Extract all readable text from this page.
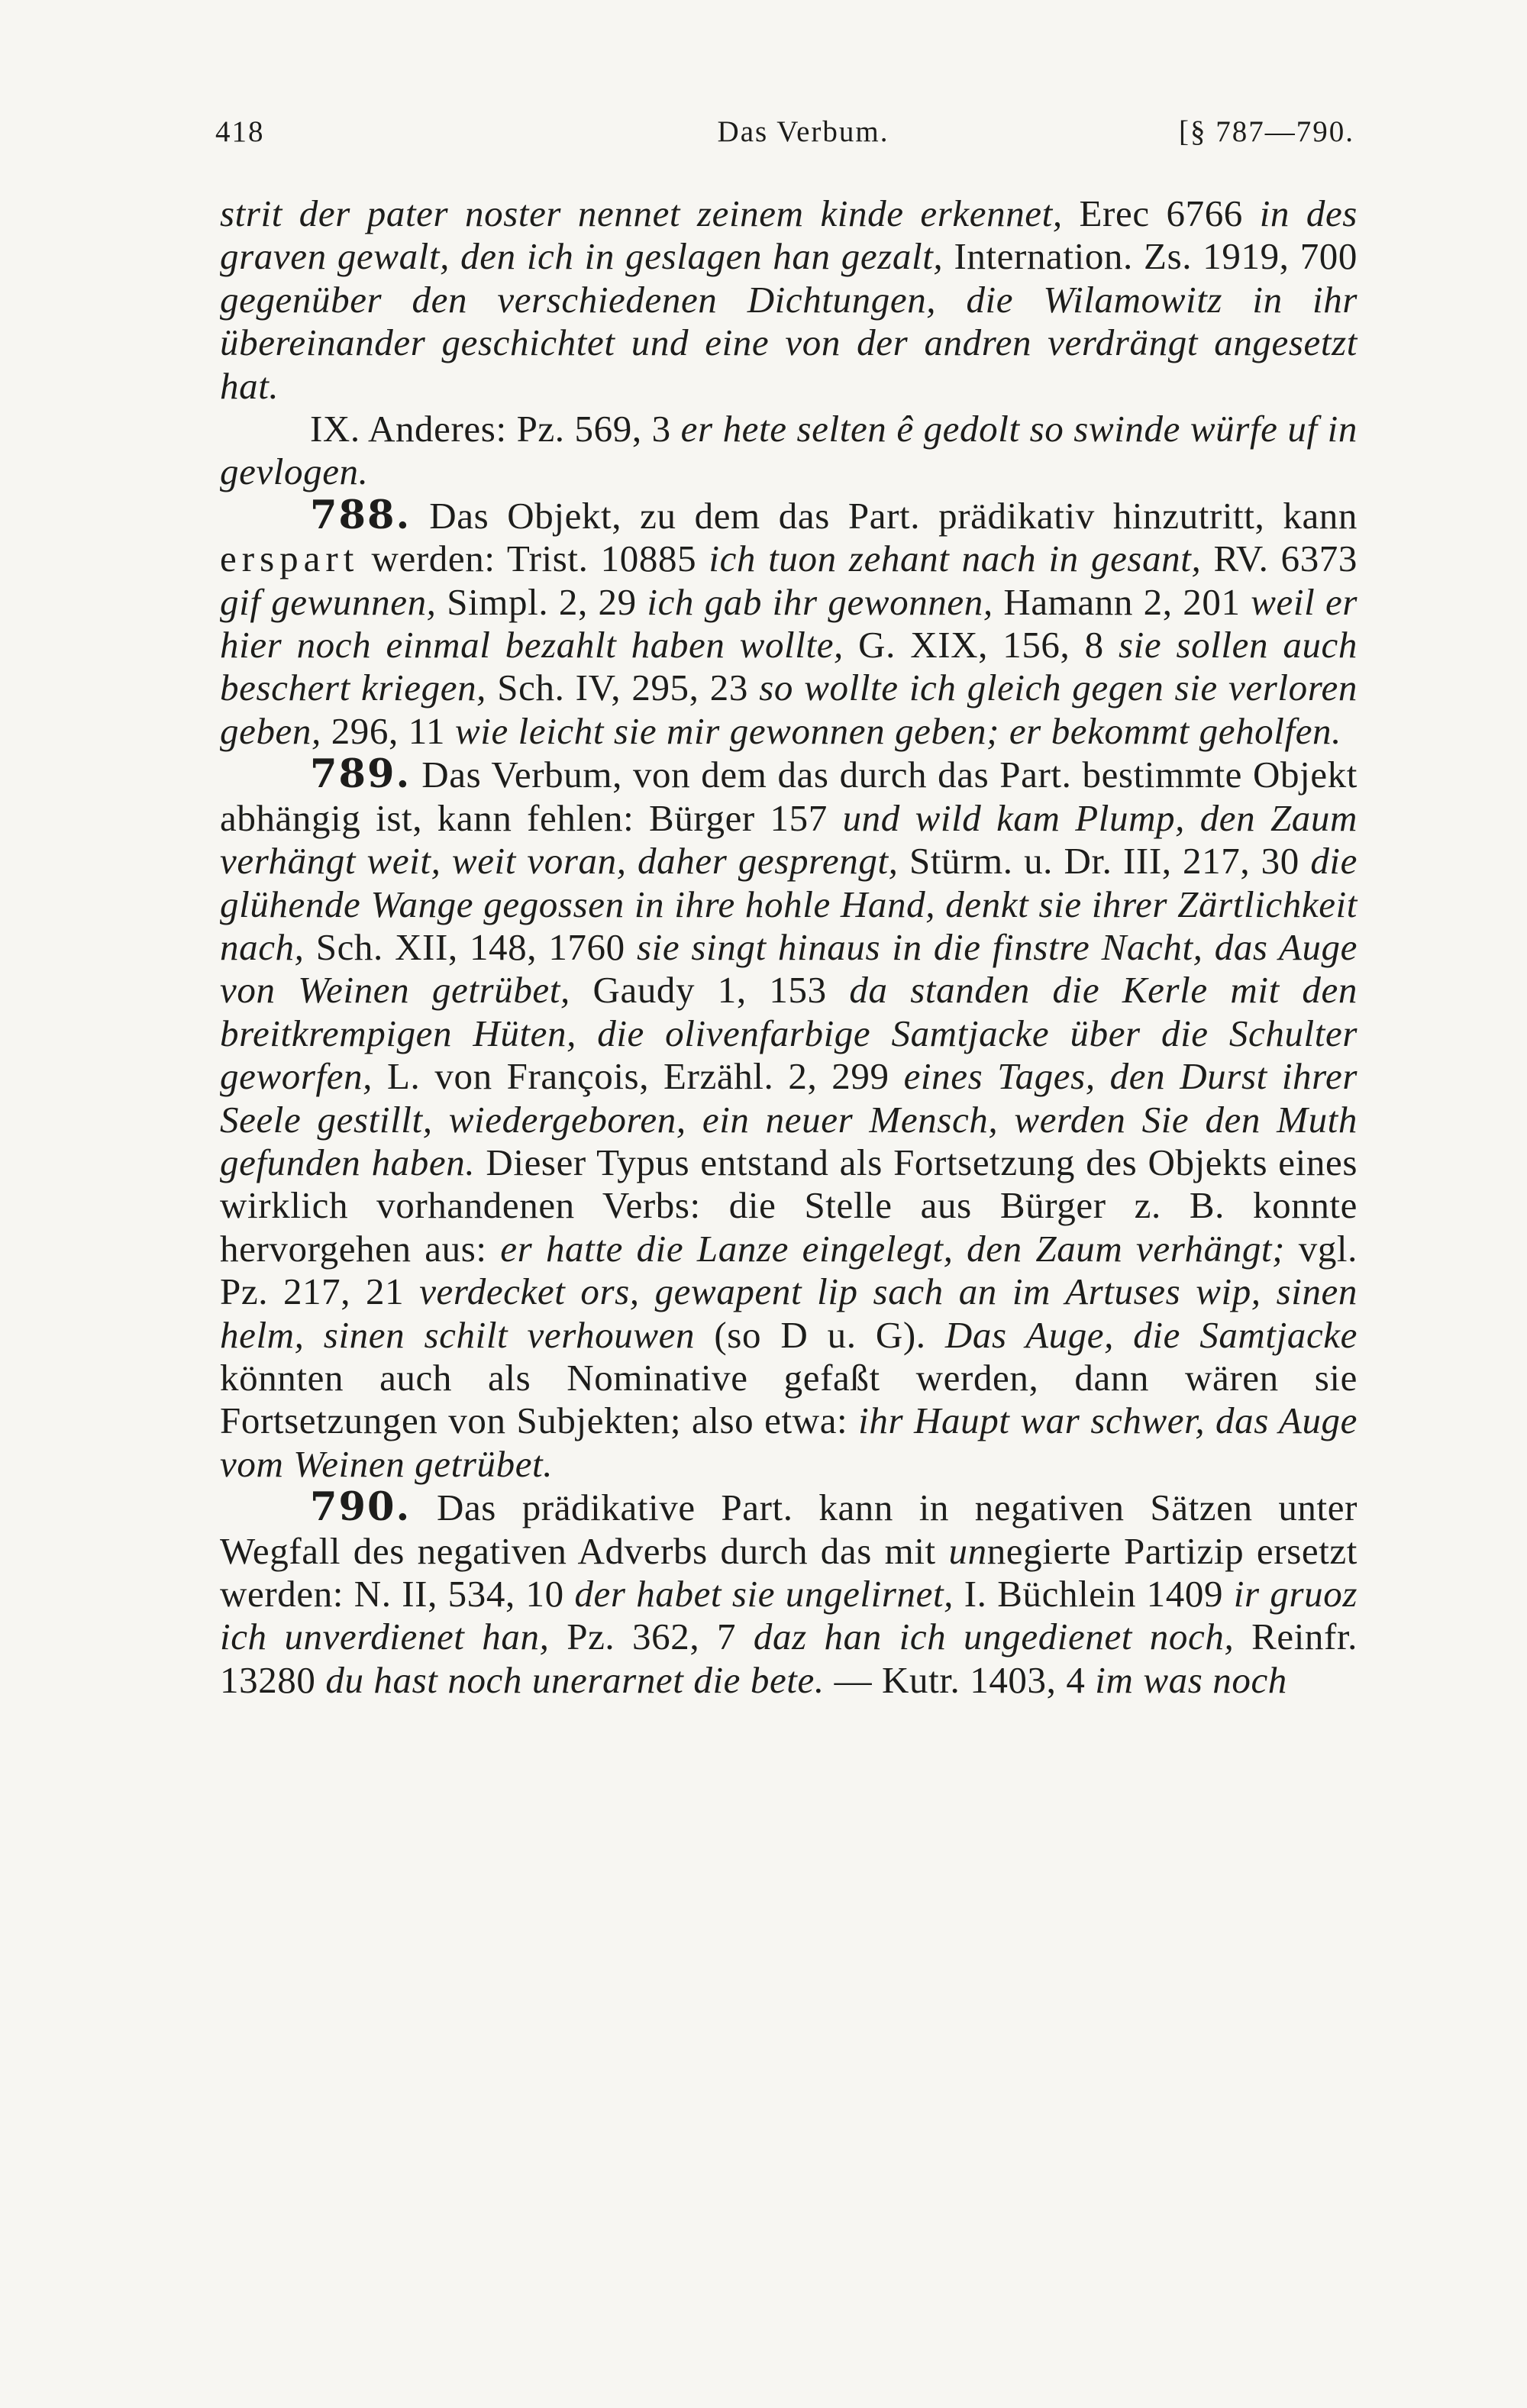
418	Das Verbum.	[§ 787—790.

strit der pater noster nennet zeinem kinde erkennet, Erec 6766 in des graven gewalt, den ich in geslagen han gezalt, Internation. Zs. 1919, 700 gegenüber den verschiedenen Dichtungen, die Wilamowitz in ihr übereinander geschichtet und eine von der andren verdrängt angesetzt hat.

IX. Anderes: Pz. 569, 3 er hete selten ê gedolt so swinde würfe uf in gevlogen.

788. Das Objekt, zu dem das Part. prädikativ hinzutritt, kann erspart werden: Trist. 10885 ich tuon zehant nach in gesant, RV. 6373 gif gewunnen, Simpl. 2, 29 ich gab ihr gewonnen, Hamann 2, 201 weil er hier noch einmal bezahlt haben wollte, G. XIX, 156, 8 sie sollen auch beschert kriegen, Sch. IV, 295, 23 so wollte ich gleich gegen sie verloren geben, 296, 11 wie leicht sie mir gewonnen geben; er bekommt geholfen.

789. Das Verbum, von dem das durch das Part. bestimmte Objekt abhängig ist, kann fehlen: Bürger 157 und wild kam Plump, den Zaum verhängt weit, weit voran, daher gesprengt, Stürm. u. Dr. III, 217, 30 die glühende Wange gegossen in ihre hohle Hand, denkt sie ihrer Zärtlichkeit nach, Sch. XII, 148, 1760 sie singt hinaus in die finstre Nacht, das Auge von Weinen getrübet, Gaudy 1, 153 da standen die Kerle mit den breitkrempigen Hüten, die olivenfarbige Samtjacke über die Schulter geworfen, L. von François, Erzähl. 2, 299 eines Tages, den Durst ihrer Seele gestillt, wiedergeboren, ein neuer Mensch, werden Sie den Muth gefunden haben. Dieser Typus entstand als Fortsetzung des Objekts eines wirklich vorhandenen Verbs: die Stelle aus Bürger z. B. konnte hervorgehen aus: er hatte die Lanze eingelegt, den Zaum verhängt; vgl. Pz. 217, 21 verdecket ors, gewapent lip sach an im Artuses wip, sinen helm, sinen schilt verhouwen (so D u. G). Das Auge, die Samtjacke könnten auch als Nominative gefaßt werden, dann wären sie Fortsetzungen von Subjekten; also etwa: ihr Haupt war schwer, das Auge vom Weinen getrübet.

790. Das prädikative Part. kann in negativen Sätzen unter Wegfall des negativen Adverbs durch das mit unnegierte Partizip ersetzt werden: N. II, 534, 10 der habet sie ungelirnet, I. Büchlein 1409 ir gruoz ich unverdienet han, Pz. 362, 7 daz han ich ungedienet noch, Reinfr. 13280 du hast noch unerarnet die bete. — Kutr. 1403, 4 im was noch
